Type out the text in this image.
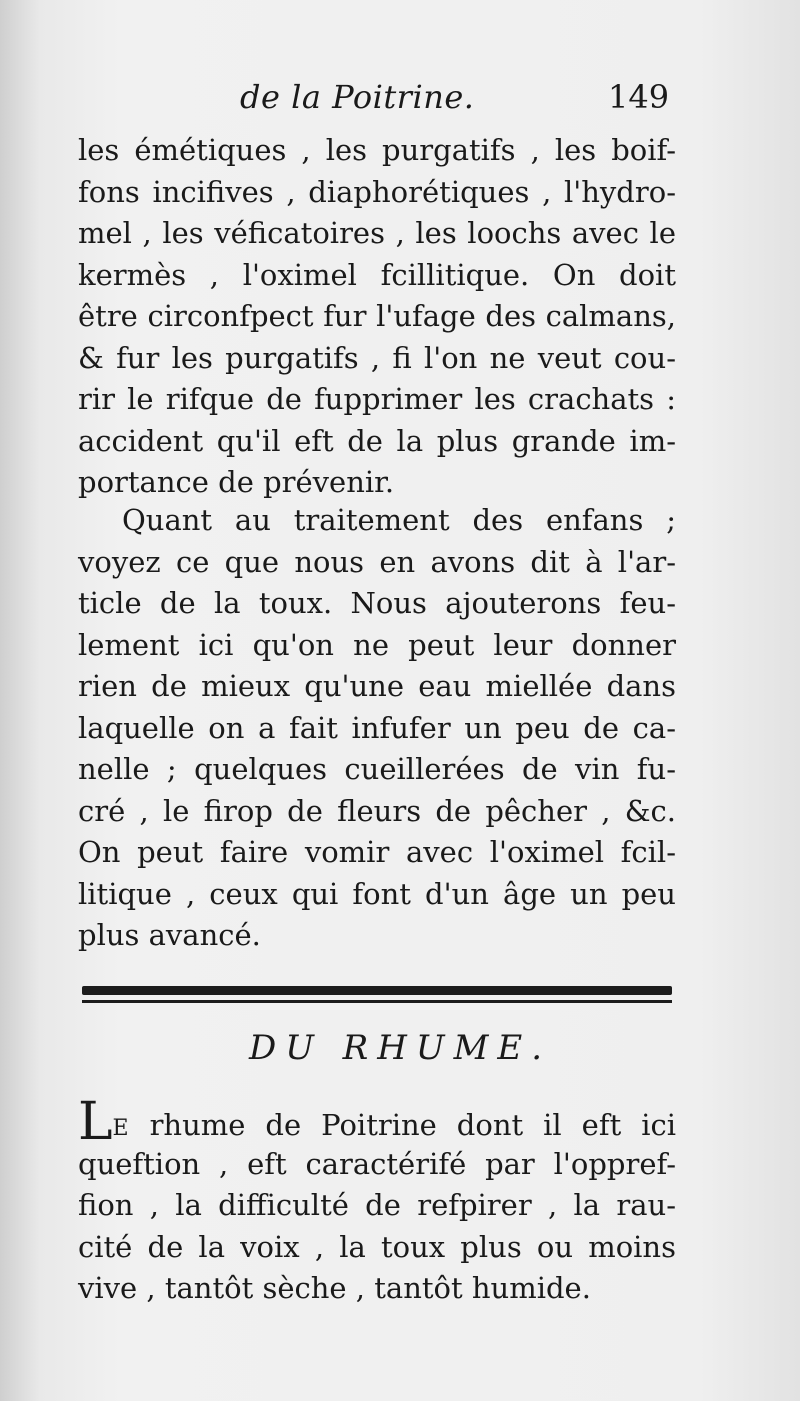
de la Poitrine.	149
les émétiques , les purgatifs , les boif-
fons incifives , diaphorétiques , l'hydro-
mel , les véficatoires , les loochs avec le
kermès , l'oximel fcillitique. On doit
être circonfpect fur l'ufage des calmans,
& fur les purgatifs , fi l'on ne veut cou-
rir le rifque de fupprimer les crachats :
accident qu'il eft de la plus grande im-
portance de prévenir.
Quant au traitement des enfans ;
voyez ce que nous en avons dit à l'ar-
ticle de la toux. Nous ajouterons feu-
lement ici qu'on ne peut leur donner
rien de mieux qu'une eau miellée dans
laquelle on a fait infufer un peu de ca-
nelle ; quelques cueillerées de vin fu-
cré , le firop de fleurs de pêcher , &c.
On peut faire vomir avec l'oximel fcil-
litique , ceux qui font d'un âge un peu
plus avancé.
DU RHUME.
LE rhume de Poitrine dont il eft ici
queftion , eft caractérifé par l'oppref-
fion , la difficulté de refpirer , la rau-
cité de la voix , la toux plus ou moins
vive , tantôt sèche , tantôt humide.
